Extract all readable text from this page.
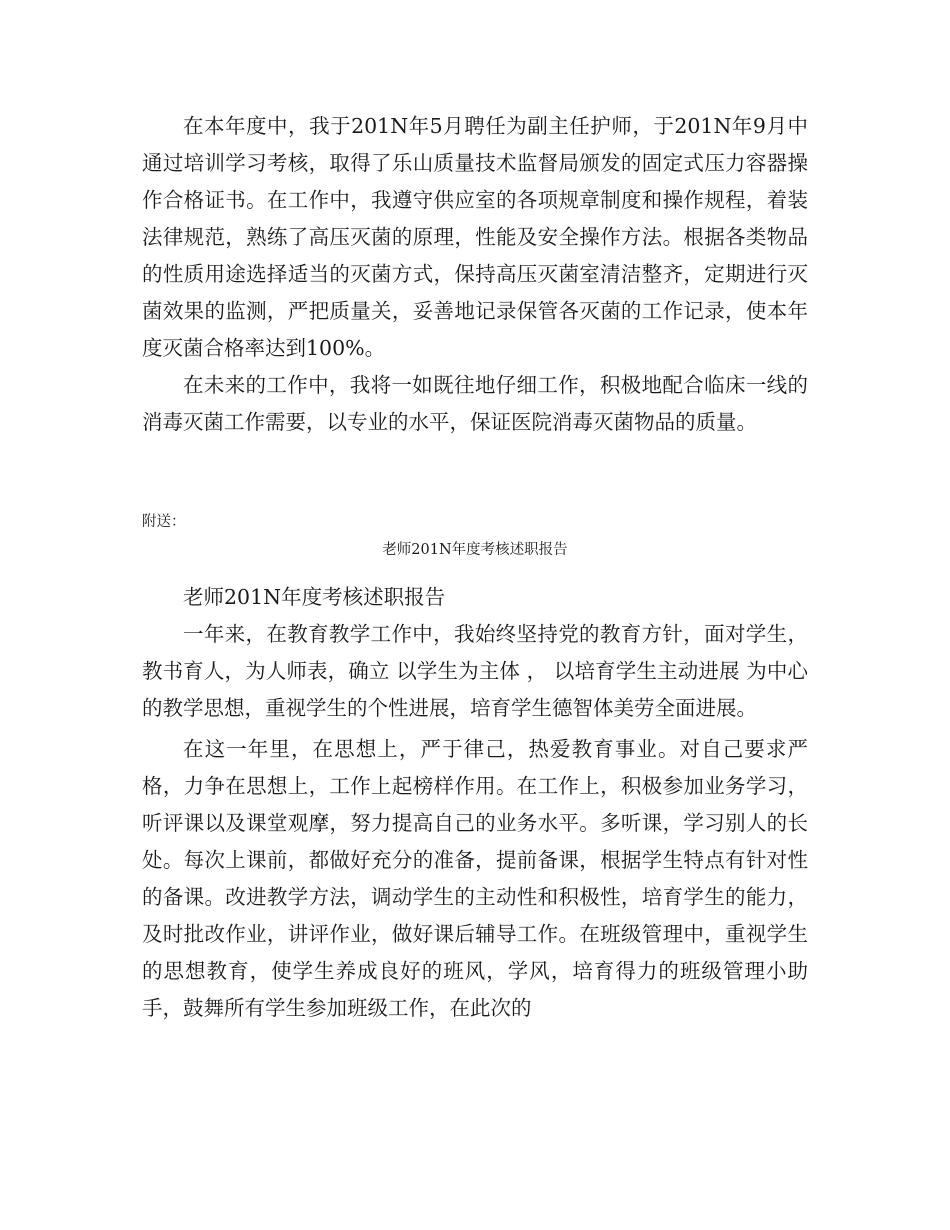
在本年度中，我于201N年5月聘任为副主任护师，于201N年9月中通过培训学习考核，取得了乐山质量技术监督局颁发的固定式压力容器操作合格证书。在工作中，我遵守供应室的各项规章制度和操作规程，着装法律规范，熟练了高压灭菌的原理，性能及安全操作方法。根据各类物品的性质用途选择适当的灭菌方式，保持高压灭菌室清洁整齐，定期进行灭菌效果的监测，严把质量关，妥善地记录保管各灭菌的工作记录，使本年度灭菌合格率达到100%。

在未来的工作中，我将一如既往地仔细工作，积极地配合临床一线的消毒灭菌工作需要，以专业的水平，保证医院消毒灭菌物品的质量。

附送：

老师201N年度考核述职报告

老师201N年度考核述职报告

一年来，在教育教学工作中，我始终坚持党的教育方针，面对学生，教书育人，为人师表，确立 以学生为主体 ， 以培育学生主动进展 为中心的教学思想，重视学生的个性进展，培育学生德智体美劳全面进展。

在这一年里，在思想上，严于律己，热爱教育事业。对自己要求严格，力争在思想上，工作上起榜样作用。在工作上，积极参加业务学习，听评课以及课堂观摩，努力提高自己的业务水平。多听课，学习别人的长处。每次上课前，都做好充分的准备，提前备课，根据学生特点有针对性的备课。改进教学方法，调动学生的主动性和积极性，培育学生的能力，及时批改作业，讲评作业，做好课后辅导工作。在班级管理中，重视学生的思想教育，使学生养成良好的班风，学风，培育得力的班级管理小助手，鼓舞所有学生参加班级工作，在此次的
